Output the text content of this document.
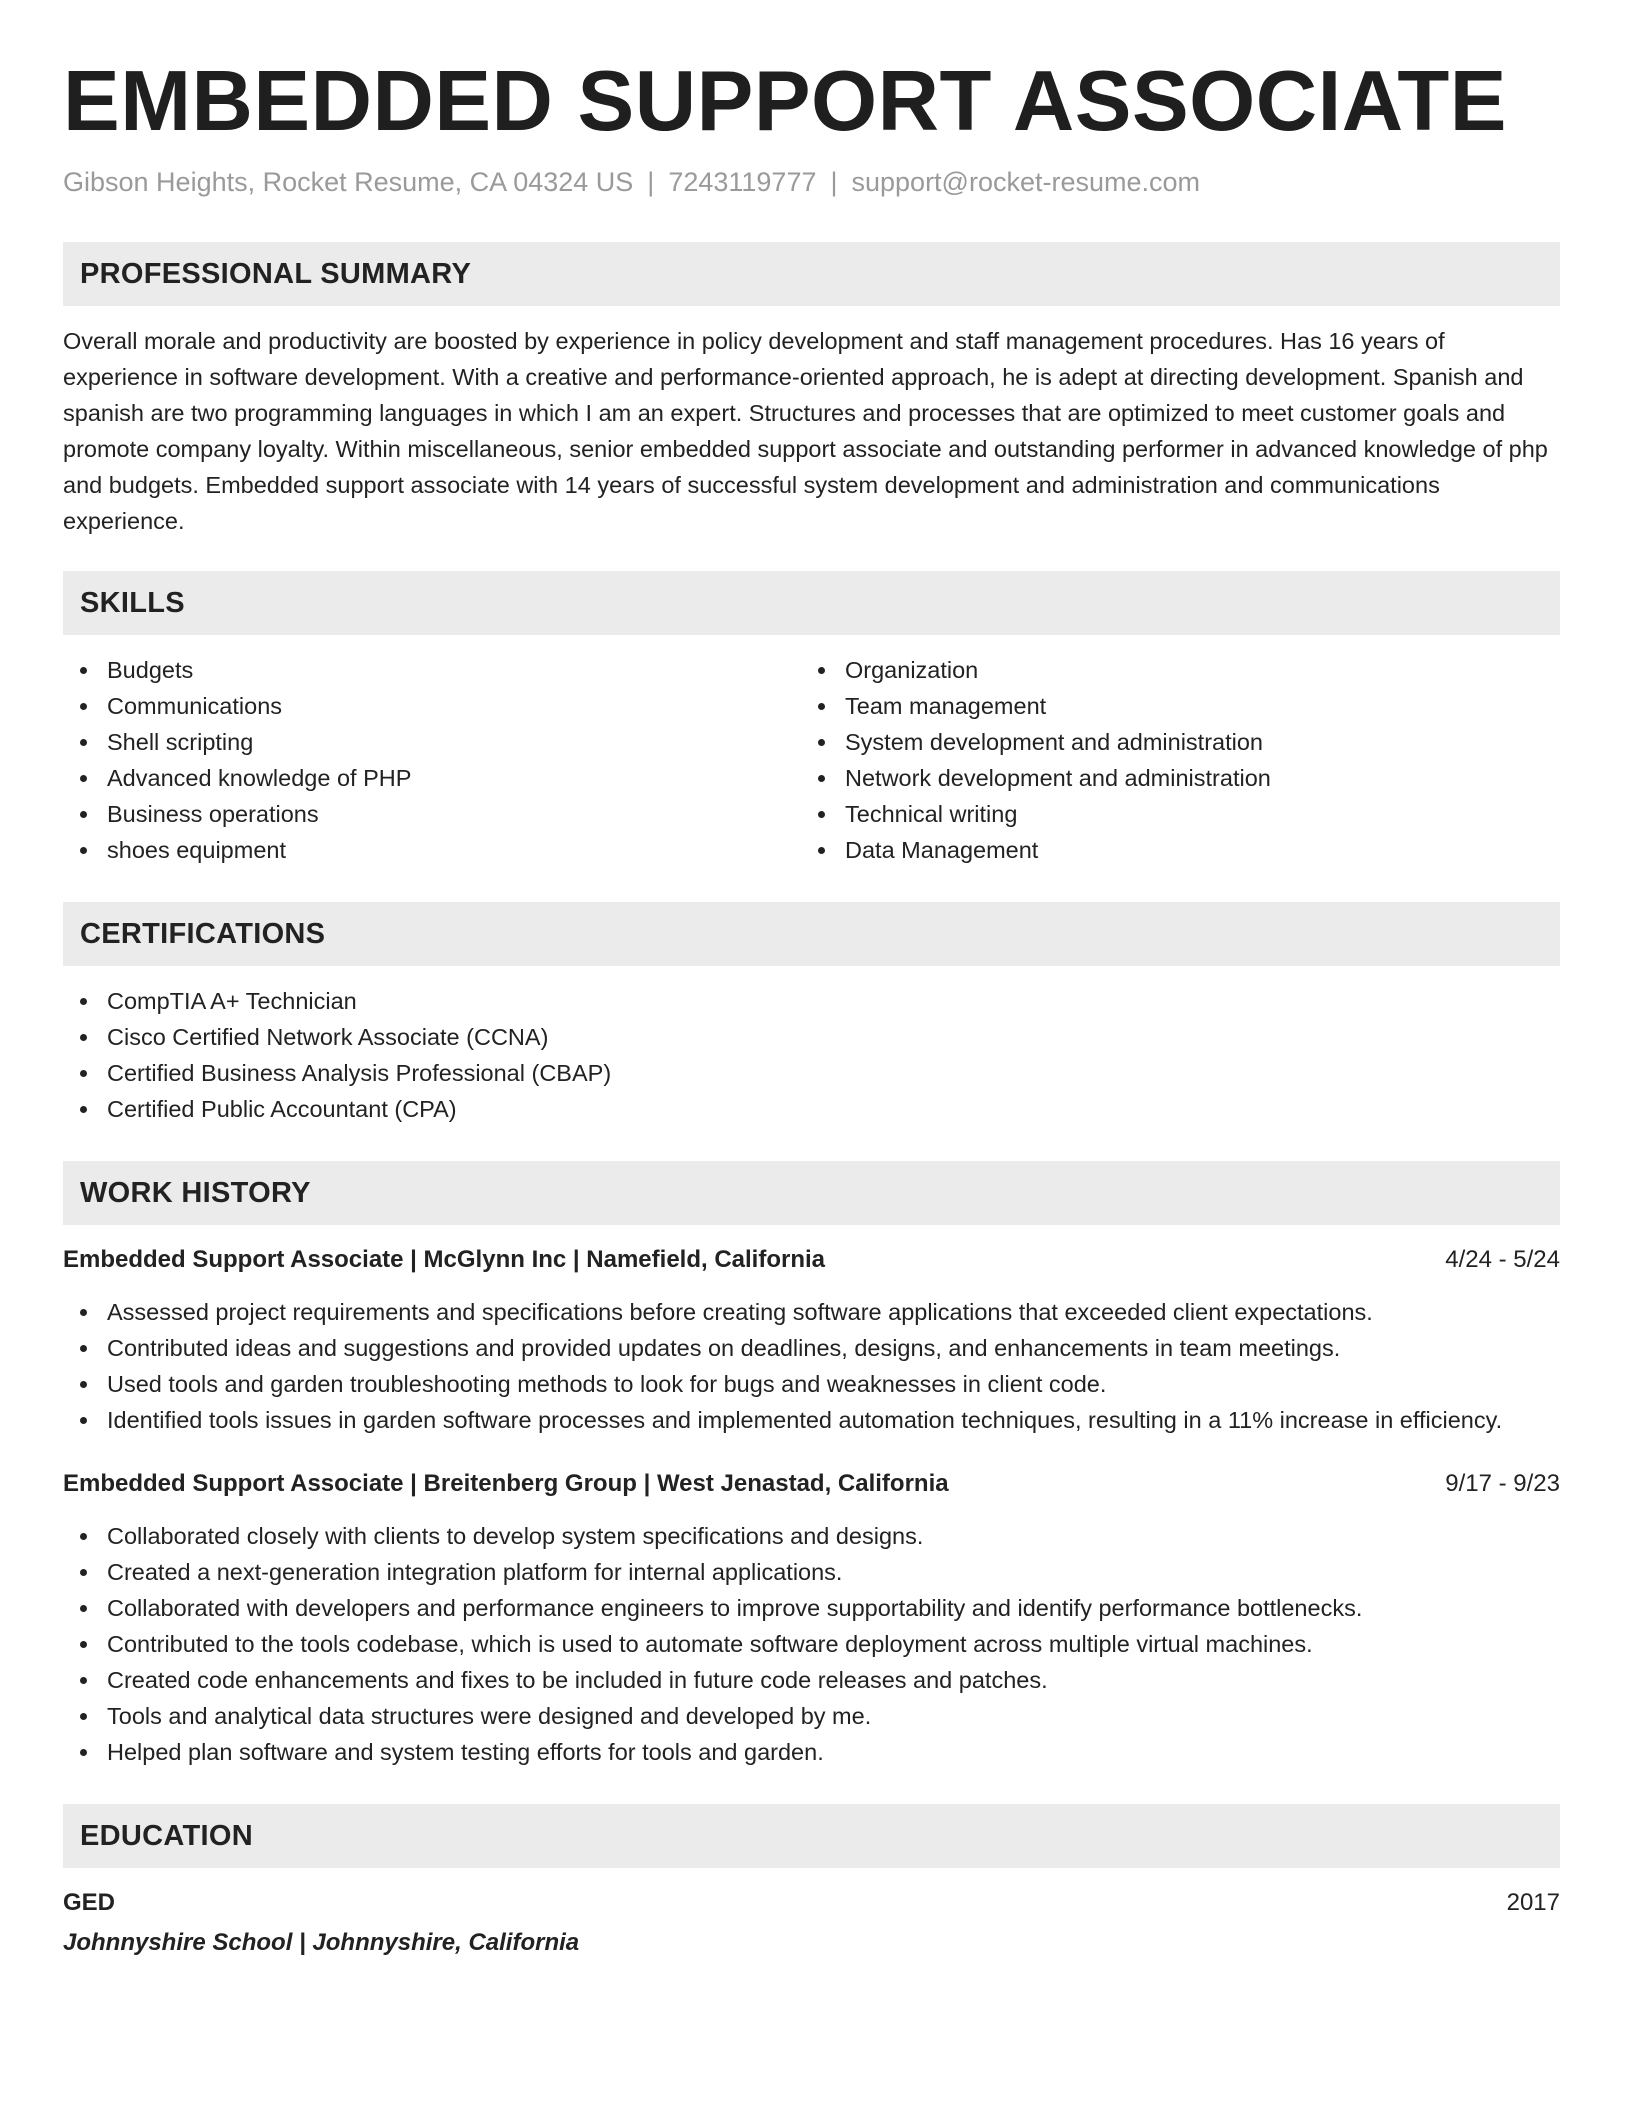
EMBEDDED SUPPORT ASSOCIATE
Gibson Heights, Rocket Resume, CA 04324 US | 7243119777 | support@rocket-resume.com
PROFESSIONAL SUMMARY

Overall morale and productivity are boosted by experience in policy development and staff management procedures. Has 16 years of experience in software development. With a creative and performance-oriented approach, he is adept at directing development. Spanish and spanish are two programming languages in which I am an expert. Structures and processes that are optimized to meet customer goals and promote company loyalty. Within miscellaneous, senior embedded support associate and outstanding performer in advanced knowledge of php and budgets. Embedded support associate with 14 years of successful system development and administration and communications experience.

SKILLS
Budgets
Communications
Shell scripting
Advanced knowledge of PHP
Business operations
shoes equipment
Organization
Team management
System development and administration
Network development and administration
Technical writing
Data Management
CERTIFICATIONS
CompTIA A+ Technician
Cisco Certified Network Associate (CCNA)
Certified Business Analysis Professional (CBAP)
Certified Public Accountant (CPA)
WORK HISTORY
Embedded Support Associate | McGlynn Inc | Namefield, California	4/24 - 5/24
Assessed project requirements and specifications before creating software applications that exceeded client expectations.
Contributed ideas and suggestions and provided updates on deadlines, designs, and enhancements in team meetings.
Used tools and garden troubleshooting methods to look for bugs and weaknesses in client code.
Identified tools issues in garden software processes and implemented automation techniques, resulting in a 11% increase in efficiency.
Embedded Support Associate | Breitenberg Group | West Jenastad, California	9/17 - 9/23
Collaborated closely with clients to develop system specifications and designs.
Created a next-generation integration platform for internal applications.
Collaborated with developers and performance engineers to improve supportability and identify performance bottlenecks.
Contributed to the tools codebase, which is used to automate software deployment across multiple virtual machines.
Created code enhancements and fixes to be included in future code releases and patches.
Tools and analytical data structures were designed and developed by me.
Helped plan software and system testing efforts for tools and garden.
EDUCATION
GED	2017
Johnnyshire School | Johnnyshire, California
